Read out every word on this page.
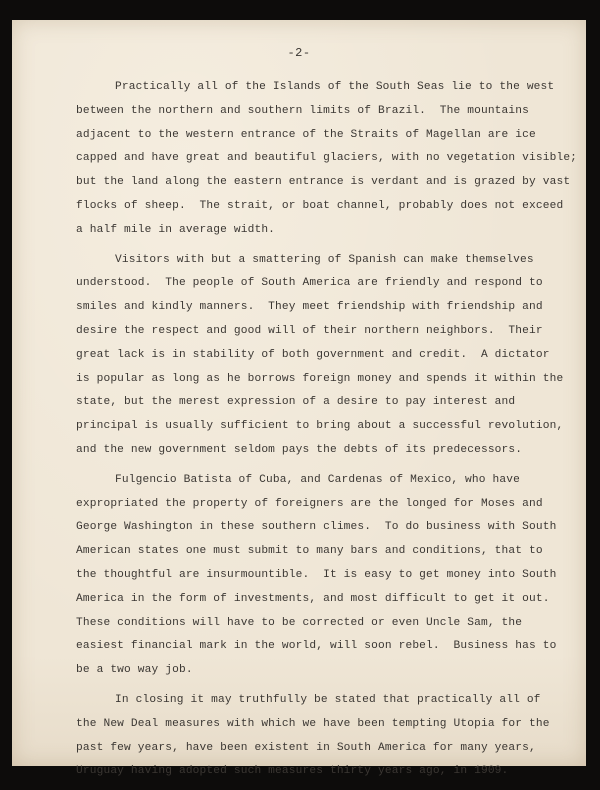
-2-
Practically all of the Islands of the South Seas lie to the west
between the northern and southern limits of Brazil.  The mountains
adjacent to the western entrance of the Straits of Magellan are ice
capped and have great and beautiful glaciers, with no vegetation visible;
but the land along the eastern entrance is verdant and is grazed by vast
flocks of sheep.  The strait, or boat channel, probably does not exceed
a half mile in average width.
Visitors with but a smattering of Spanish can make themselves
understood.  The people of South America are friendly and respond to
smiles and kindly manners.  They meet friendship with friendship and
desire the respect and good will of their northern neighbors.  Their
great lack is in stability of both government and credit.  A dictator
is popular as long as he borrows foreign money and spends it within the
state, but the merest expression of a desire to pay interest and
principal is usually sufficient to bring about a successful revolution,
and the new government seldom pays the debts of its predecessors.
Fulgencio Batista of Cuba, and Cardenas of Mexico, who have
expropriated the property of foreigners are the longed for Moses and
George Washington in these southern climes.  To do business with South
American states one must submit to many bars and conditions, that to
the thoughtful are insurmountible.  It is easy to get money into South
America in the form of investments, and most difficult to get it out.
These conditions will have to be corrected or even Uncle Sam, the
easiest financial mark in the world, will soon rebel.  Business has to
be a two way job.
In closing it may truthfully be stated that practically all of
the New Deal measures with which we have been tempting Utopia for the
past few years, have been existent in South America for many years,
Uruguay having adopted such measures thirty years ago, in 1909.
